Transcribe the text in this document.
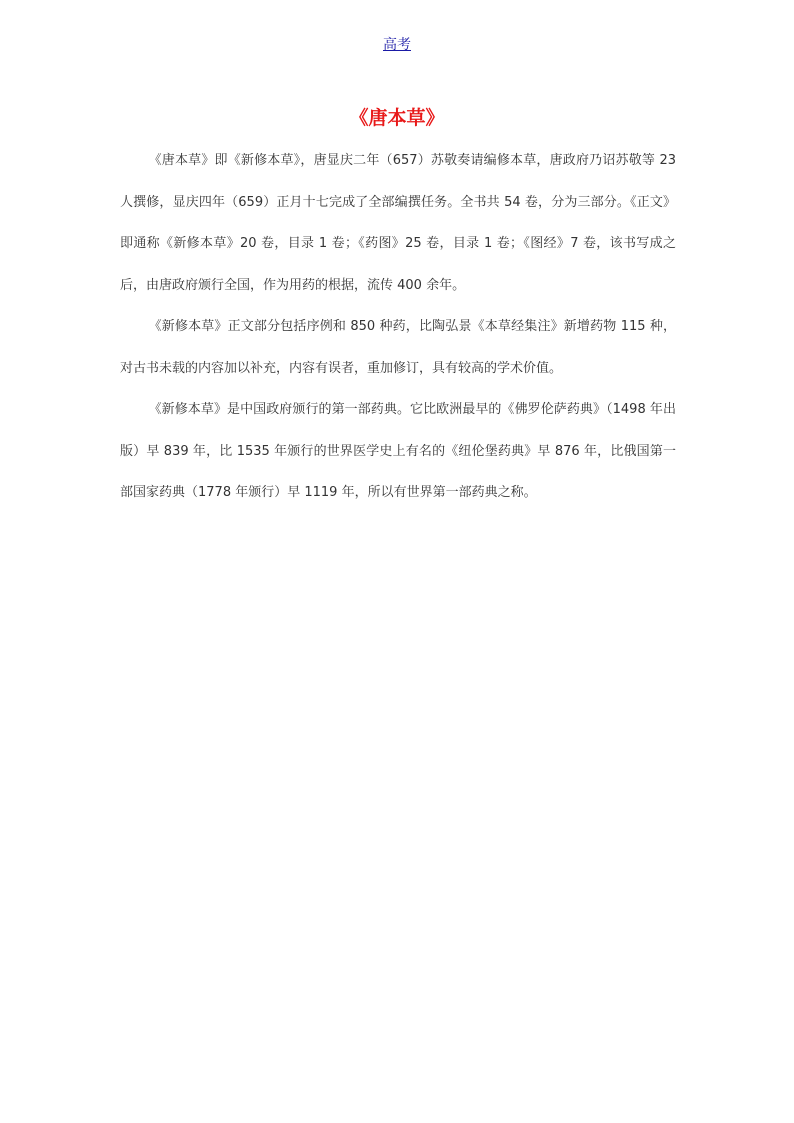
高考
《唐本草》

《唐本草》即《新修本草》，唐显庆二年（657）苏敬奏请编修本草，唐政府乃诏苏敬等 23 人撰修，显庆四年（659）正月十七完成了全部编撰任务。全书共 54 卷，分为三部分。《正文》即通称《新修本草》20 卷，目录 1 卷；《药图》25 卷，目录 1 卷；《图经》7 卷，该书写成之后，由唐政府颁行全国，作为用药的根据，流传 400 余年。

《新修本草》正文部分包括序例和 850 种药，比陶弘景《本草经集注》新增药物 115 种，对古书未载的内容加以补充，内容有误者，重加修订，具有较高的学术价值。

《新修本草》是中国政府颁行的第一部药典。它比欧洲最早的《佛罗伦萨药典》（1498 年出版）早 839 年，比 1535 年颁行的世界医学史上有名的《纽伦堡药典》早 876 年，比俄国第一部国家药典（1778 年颁行）早 1119 年，所以有世界第一部药典之称。
